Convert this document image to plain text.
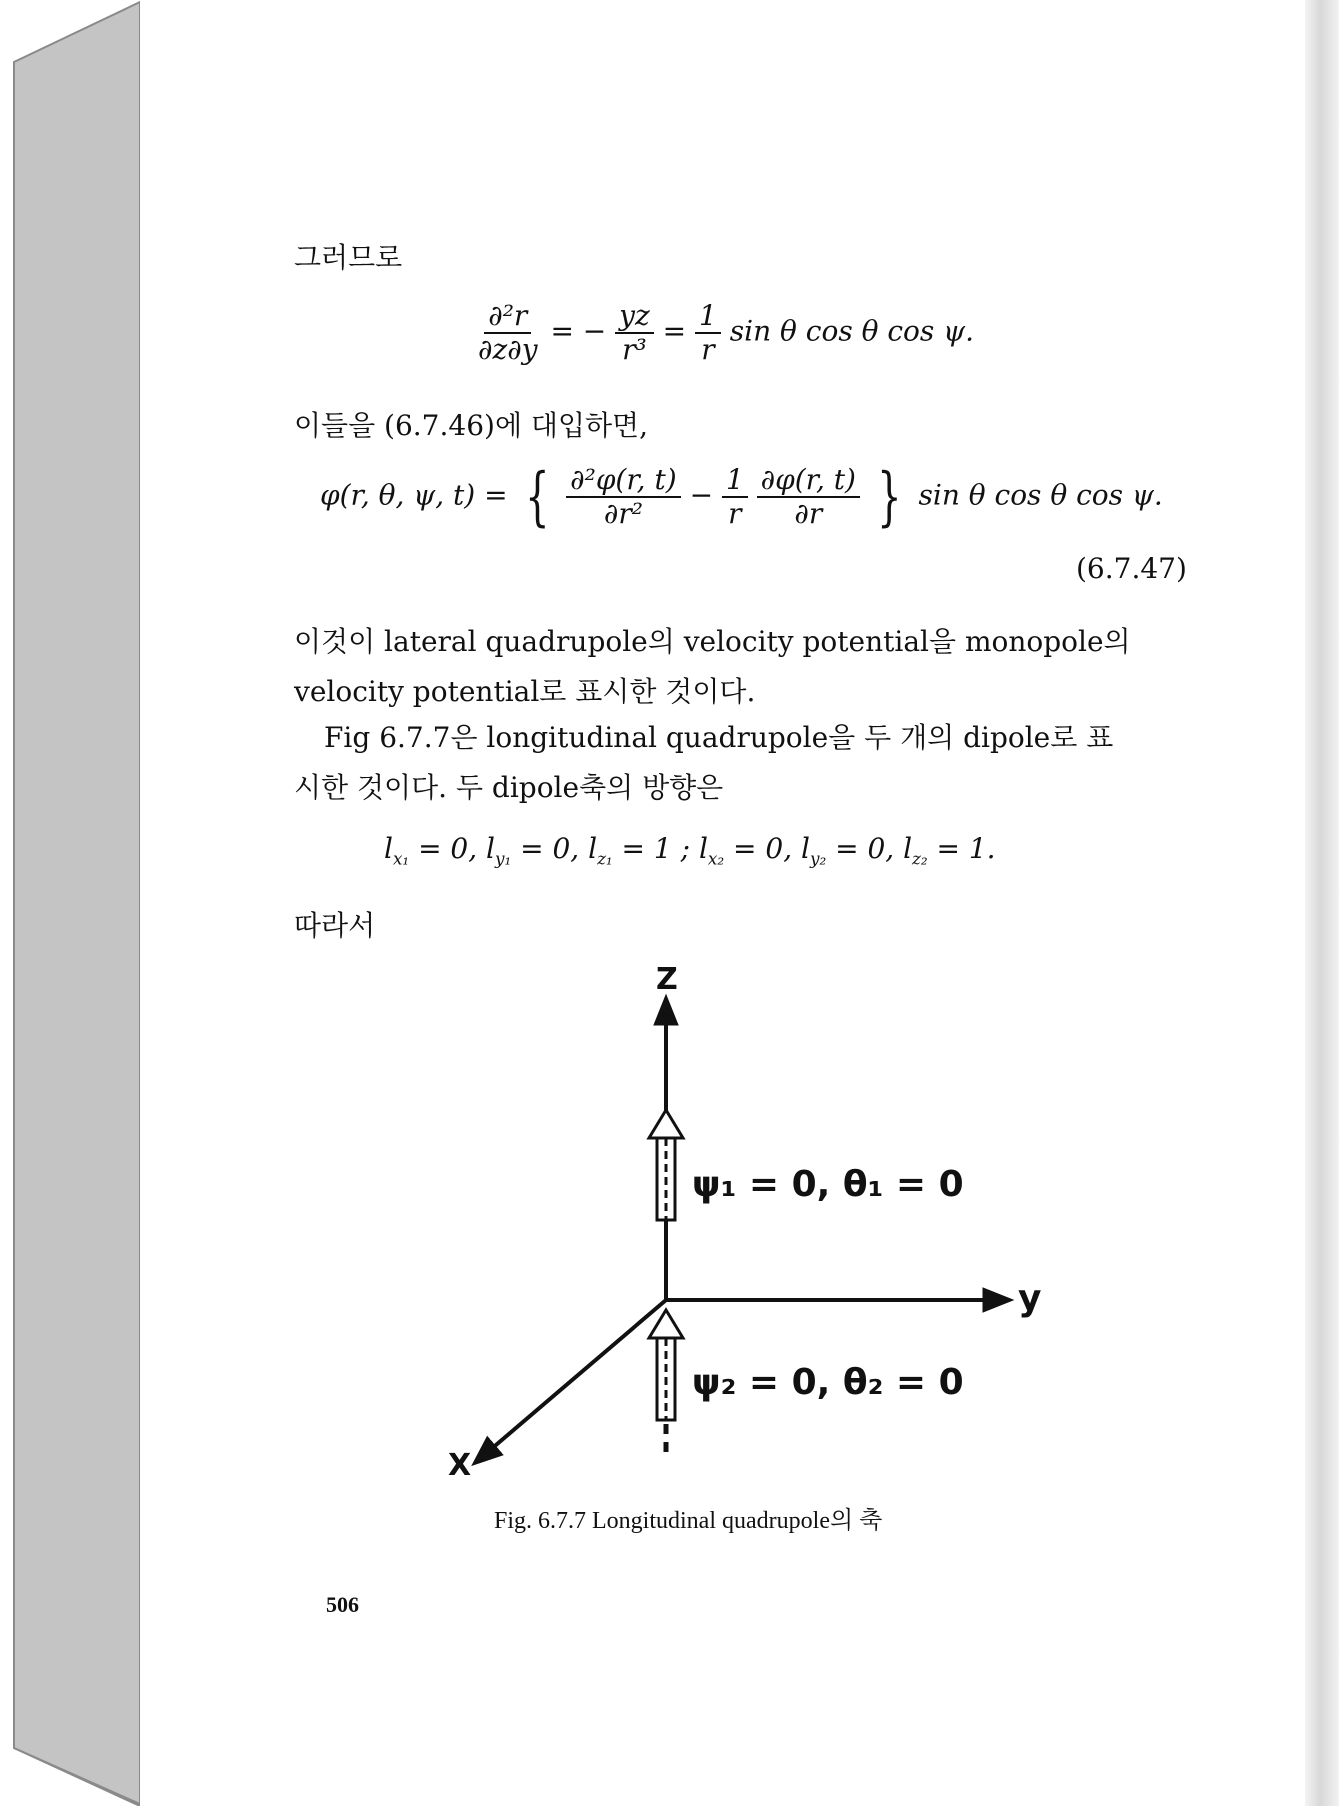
그러므로
$\frac{\text{∂²r}}{\partial z\partial y}$ = − $\frac{yz}{\text{r³}} = \frac{1}{r}$ sin θ cos θ cos ψ.
이들을 (6.7.46)에 대입하면,
φ(r, θ, ψ, t) = { $\frac{\text{∂²φ(r, t)}}{\text{∂r²}} - \frac{1}{r}$
$\frac{\partial\varphi(r, t)}{\partial r}$ } sin θ cos θ cos ψ.
(6.7.47)
이것이 lateral quadrupole의 velocity potential을 monopole의
velocity potential로 표시한 것이다.
Fig 6.7.7은 longitudinal quadrupole을 두 개의 dipole로 표
시한 것이다. 두 dipole축의 방향은
$l_{x_1} = 0$, $l_{y_1} = 0$, $l_{z_1} = 1$ ; $l_{x_2} = 0$, $l_{y_2} = 0$, $l_{z_2} = 1$.
따라서
Z
y
X
ψ₁ = 0, θ₁ = 0
ψ₂ = 0, θ₂ = 0
Fig. 6.7.7 Longitudinal quadrupole의 축
506
